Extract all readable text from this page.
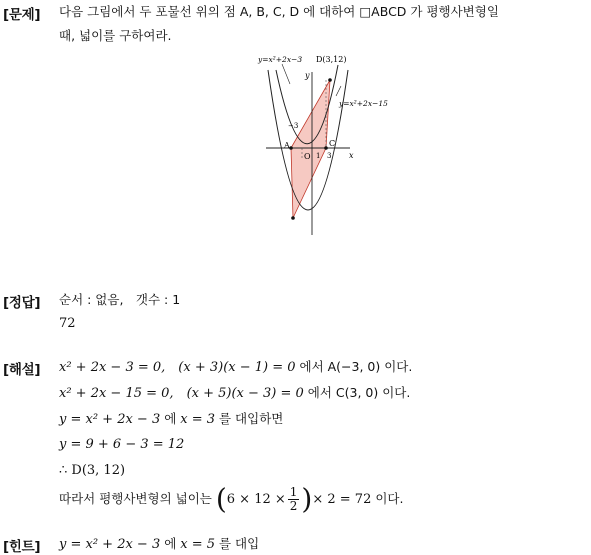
[문제] 다음 그림에서 두 포물선 위의 점 A, B, C, D 에 대하여 □ABCD 가 평행사변형일
때, 넓이를 구하여라.
y=x²+2x−3 D(3,12)
y=x²+2x−15
y
x
A	C
O
−3
1 3
[정답] 순서 : 없음,　갯수 : 1
72
[해설] x² + 2x − 3 = 0,　(x + 3)(x − 1) = 0 에서 A(−3, 0) 이다.
x² + 2x − 15 = 0,　(x + 5)(x − 3) = 0 에서 C(3, 0) 이다.
y = x² + 2x − 3 에 x = 3 를 대입하면
y = 9 + 6 − 3 = 12
∴ D(3, 12)
따라서 평행사변형의 넓이는 ($6 \times 12 \times \frac{1}{2}$ )× 2 = 72 이다.
[힌트] y = x² + 2x − 3 에 x = 5 를 대입
